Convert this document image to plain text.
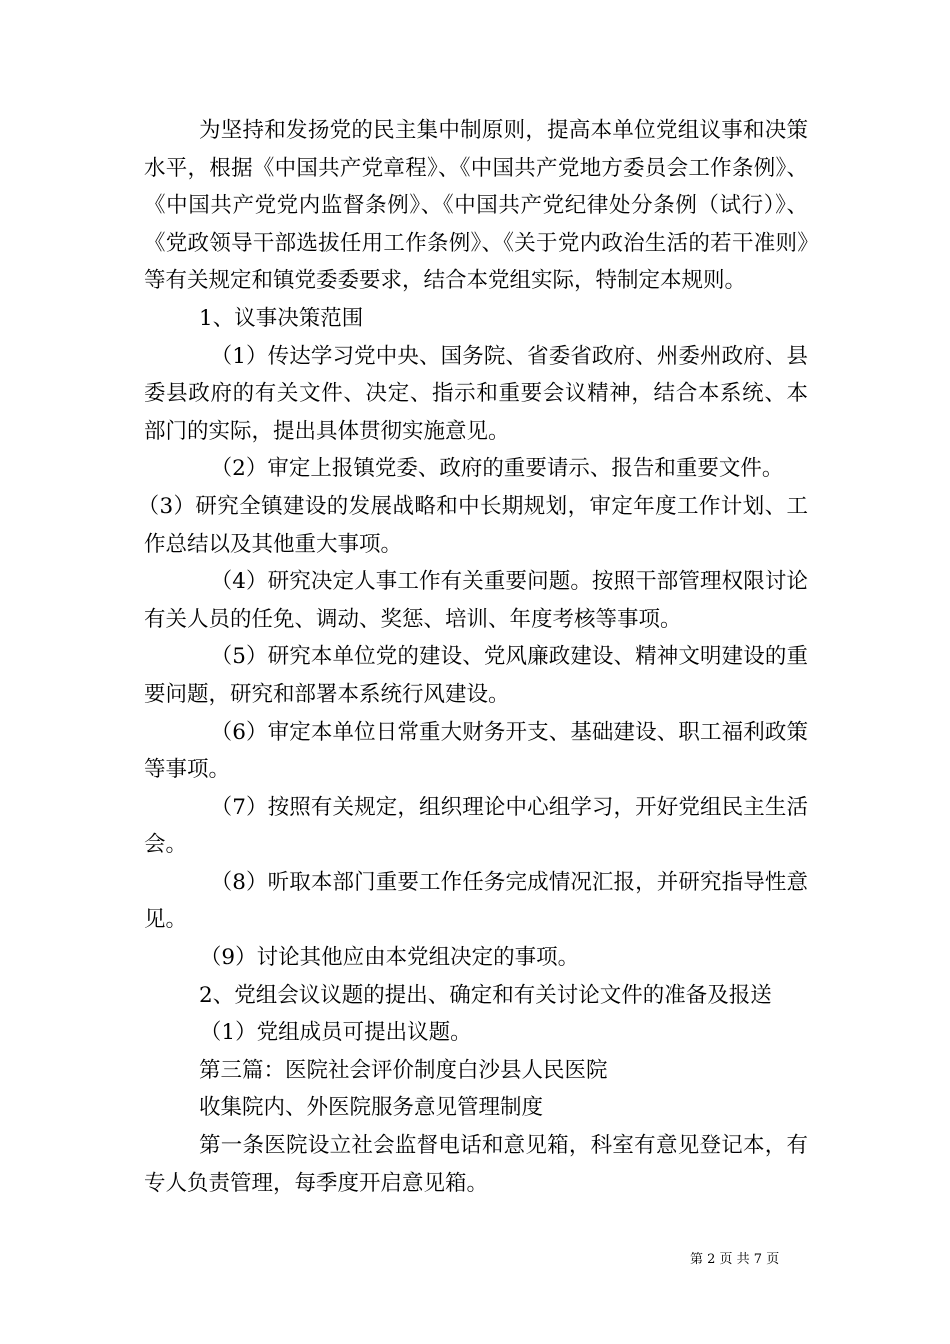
为坚持和发扬党的民主集中制原则，提高本单位党组议事和决策水平，根据《中国共产党章程》、《中国共产党地方委员会工作条例》、《中国共产党党内监督条例》、《中国共产党纪律处分条例（试行）》、《党政领导干部选拔任用工作条例》、《关于党内政治生活的若干准则》等有关规定和镇党委委要求，结合本党组实际，特制定本规则。

1、议事决策范围

（1）传达学习党中央、国务院、省委省政府、州委州政府、县委县政府的有关文件、决定、指示和重要会议精神，结合本系统、本部门的实际，提出具体贯彻实施意见。

（2）审定上报镇党委、政府的重要请示、报告和重要文件。

（3）研究全镇建设的发展战略和中长期规划，审定年度工作计划、工作总结以及其他重大事项。

（4）研究决定人事工作有关重要问题。按照干部管理权限讨论有关人员的任免、调动、奖惩、培训、年度考核等事项。

（5）研究本单位党的建设、党风廉政建设、精神文明建设的重要问题，研究和部署本系统行风建设。

（6）审定本单位日常重大财务开支、基础建设、职工福利政策等事项。

（7）按照有关规定，组织理论中心组学习，开好党组民主生活会。

（8）听取本部门重要工作任务完成情况汇报，并研究指导性意见。

（9）讨论其他应由本党组决定的事项。

2、党组会议议题的提出、确定和有关讨论文件的准备及报送

（1）党组成员可提出议题。

第三篇：医院社会评价制度白沙县人民医院

收集院内、外医院服务意见管理制度

第一条医院设立社会监督电话和意见箱，科室有意见登记本，有专人负责管理，每季度开启意见箱。

第 2 页 共 7 页
